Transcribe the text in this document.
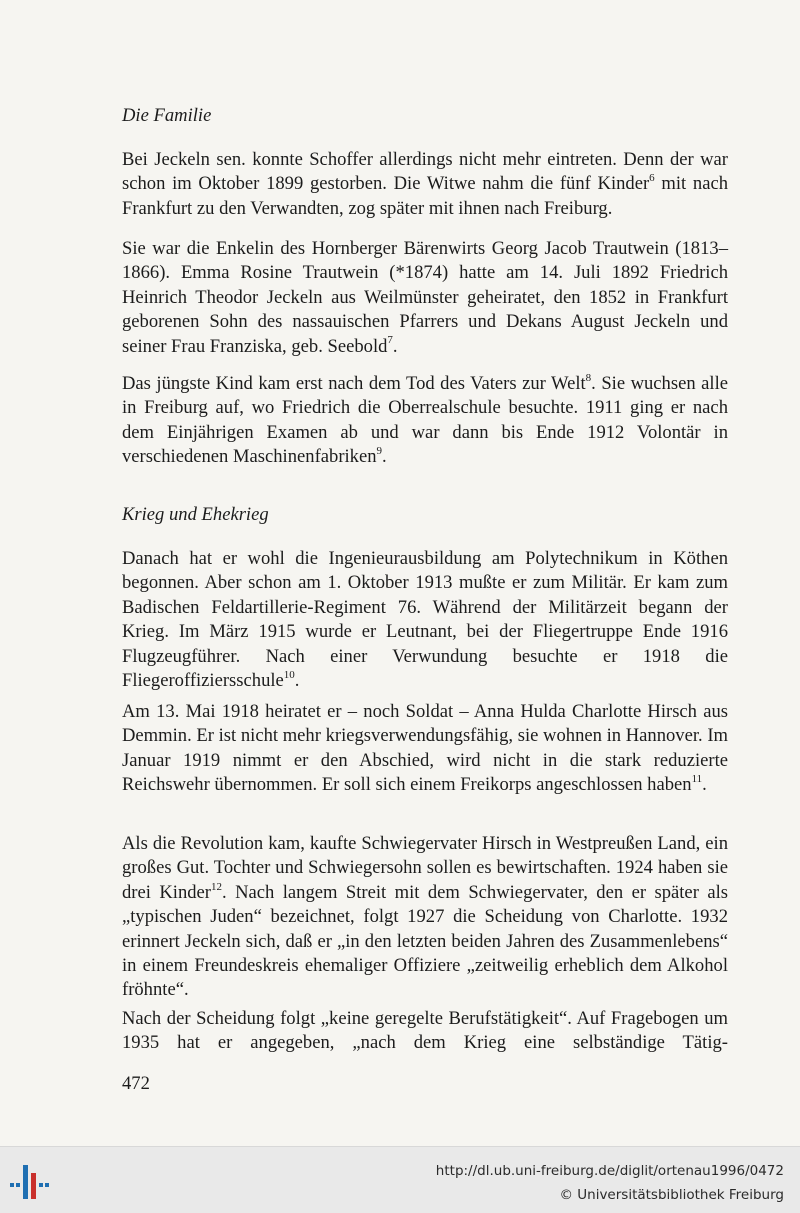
Die Familie

Bei Jeckeln sen. konnte Schoffer allerdings nicht mehr eintreten. Denn der war schon im Oktober 1899 gestorben. Die Witwe nahm die fünf Kinder$^6$ mit nach Frankfurt zu den Verwandten, zog später mit ihnen nach Freiburg.

Sie war die Enkelin des Hornberger Bärenwirts Georg Jacob Trautwein (1813–1866). Emma Rosine Trautwein (*1874) hatte am 14. Juli 1892 Friedrich Heinrich Theodor Jeckeln aus Weilmünster geheiratet, den 1852 in Frankfurt geborenen Sohn des nassauischen Pfarrers und Dekans August Jeckeln und seiner Frau Franziska, geb. Seebold$^7$.

Das jüngste Kind kam erst nach dem Tod des Vaters zur Welt$^8$. Sie wuchsen alle in Freiburg auf, wo Friedrich die Oberrealschule besuchte. 1911 ging er nach dem Einjährigen Examen ab und war dann bis Ende 1912 Volontär in verschiedenen Maschinenfabriken$^9$.

Krieg und Ehekrieg

Danach hat er wohl die Ingenieurausbildung am Polytechnikum in Köthen begonnen. Aber schon am 1. Oktober 1913 mußte er zum Militär. Er kam zum Badischen Feldartillerie-Regiment 76. Während der Militärzeit begann der Krieg. Im März 1915 wurde er Leutnant, bei der Fliegertruppe Ende 1916 Flugzeugführer. Nach einer Verwundung besuchte er 1918 die Fliegeroffiziersschule$^{10}$.

Am 13. Mai 1918 heiratet er – noch Soldat – Anna Hulda Charlotte Hirsch aus Demmin. Er ist nicht mehr kriegsverwendungsfähig, sie wohnen in Hannover. Im Januar 1919 nimmt er den Abschied, wird nicht in die stark reduzierte Reichswehr übernommen. Er soll sich einem Freikorps angeschlossen haben$^{11}$.

Als die Revolution kam, kaufte Schwiegervater Hirsch in Westpreußen Land, ein großes Gut. Tochter und Schwiegersohn sollen es bewirtschaften. 1924 haben sie drei Kinder$^{12}$. Nach langem Streit mit dem Schwiegervater, den er später als „typischen Juden“ bezeichnet, folgt 1927 die Scheidung von Charlotte. 1932 erinnert Jeckeln sich, daß er „in den letzten beiden Jahren des Zusammenlebens“ in einem Freundeskreis ehemaliger Offiziere „zeitweilig erheblich dem Alkohol fröhnte“.

Nach der Scheidung folgt „keine geregelte Berufstätigkeit“. Auf Fragebogen um 1935 hat er angegeben, „nach dem Krieg eine selbständige Tätig-

472
http://dl.ub.uni-freiburg.de/diglit/ortenau1996/0472
© Universitätsbibliothek Freiburg
